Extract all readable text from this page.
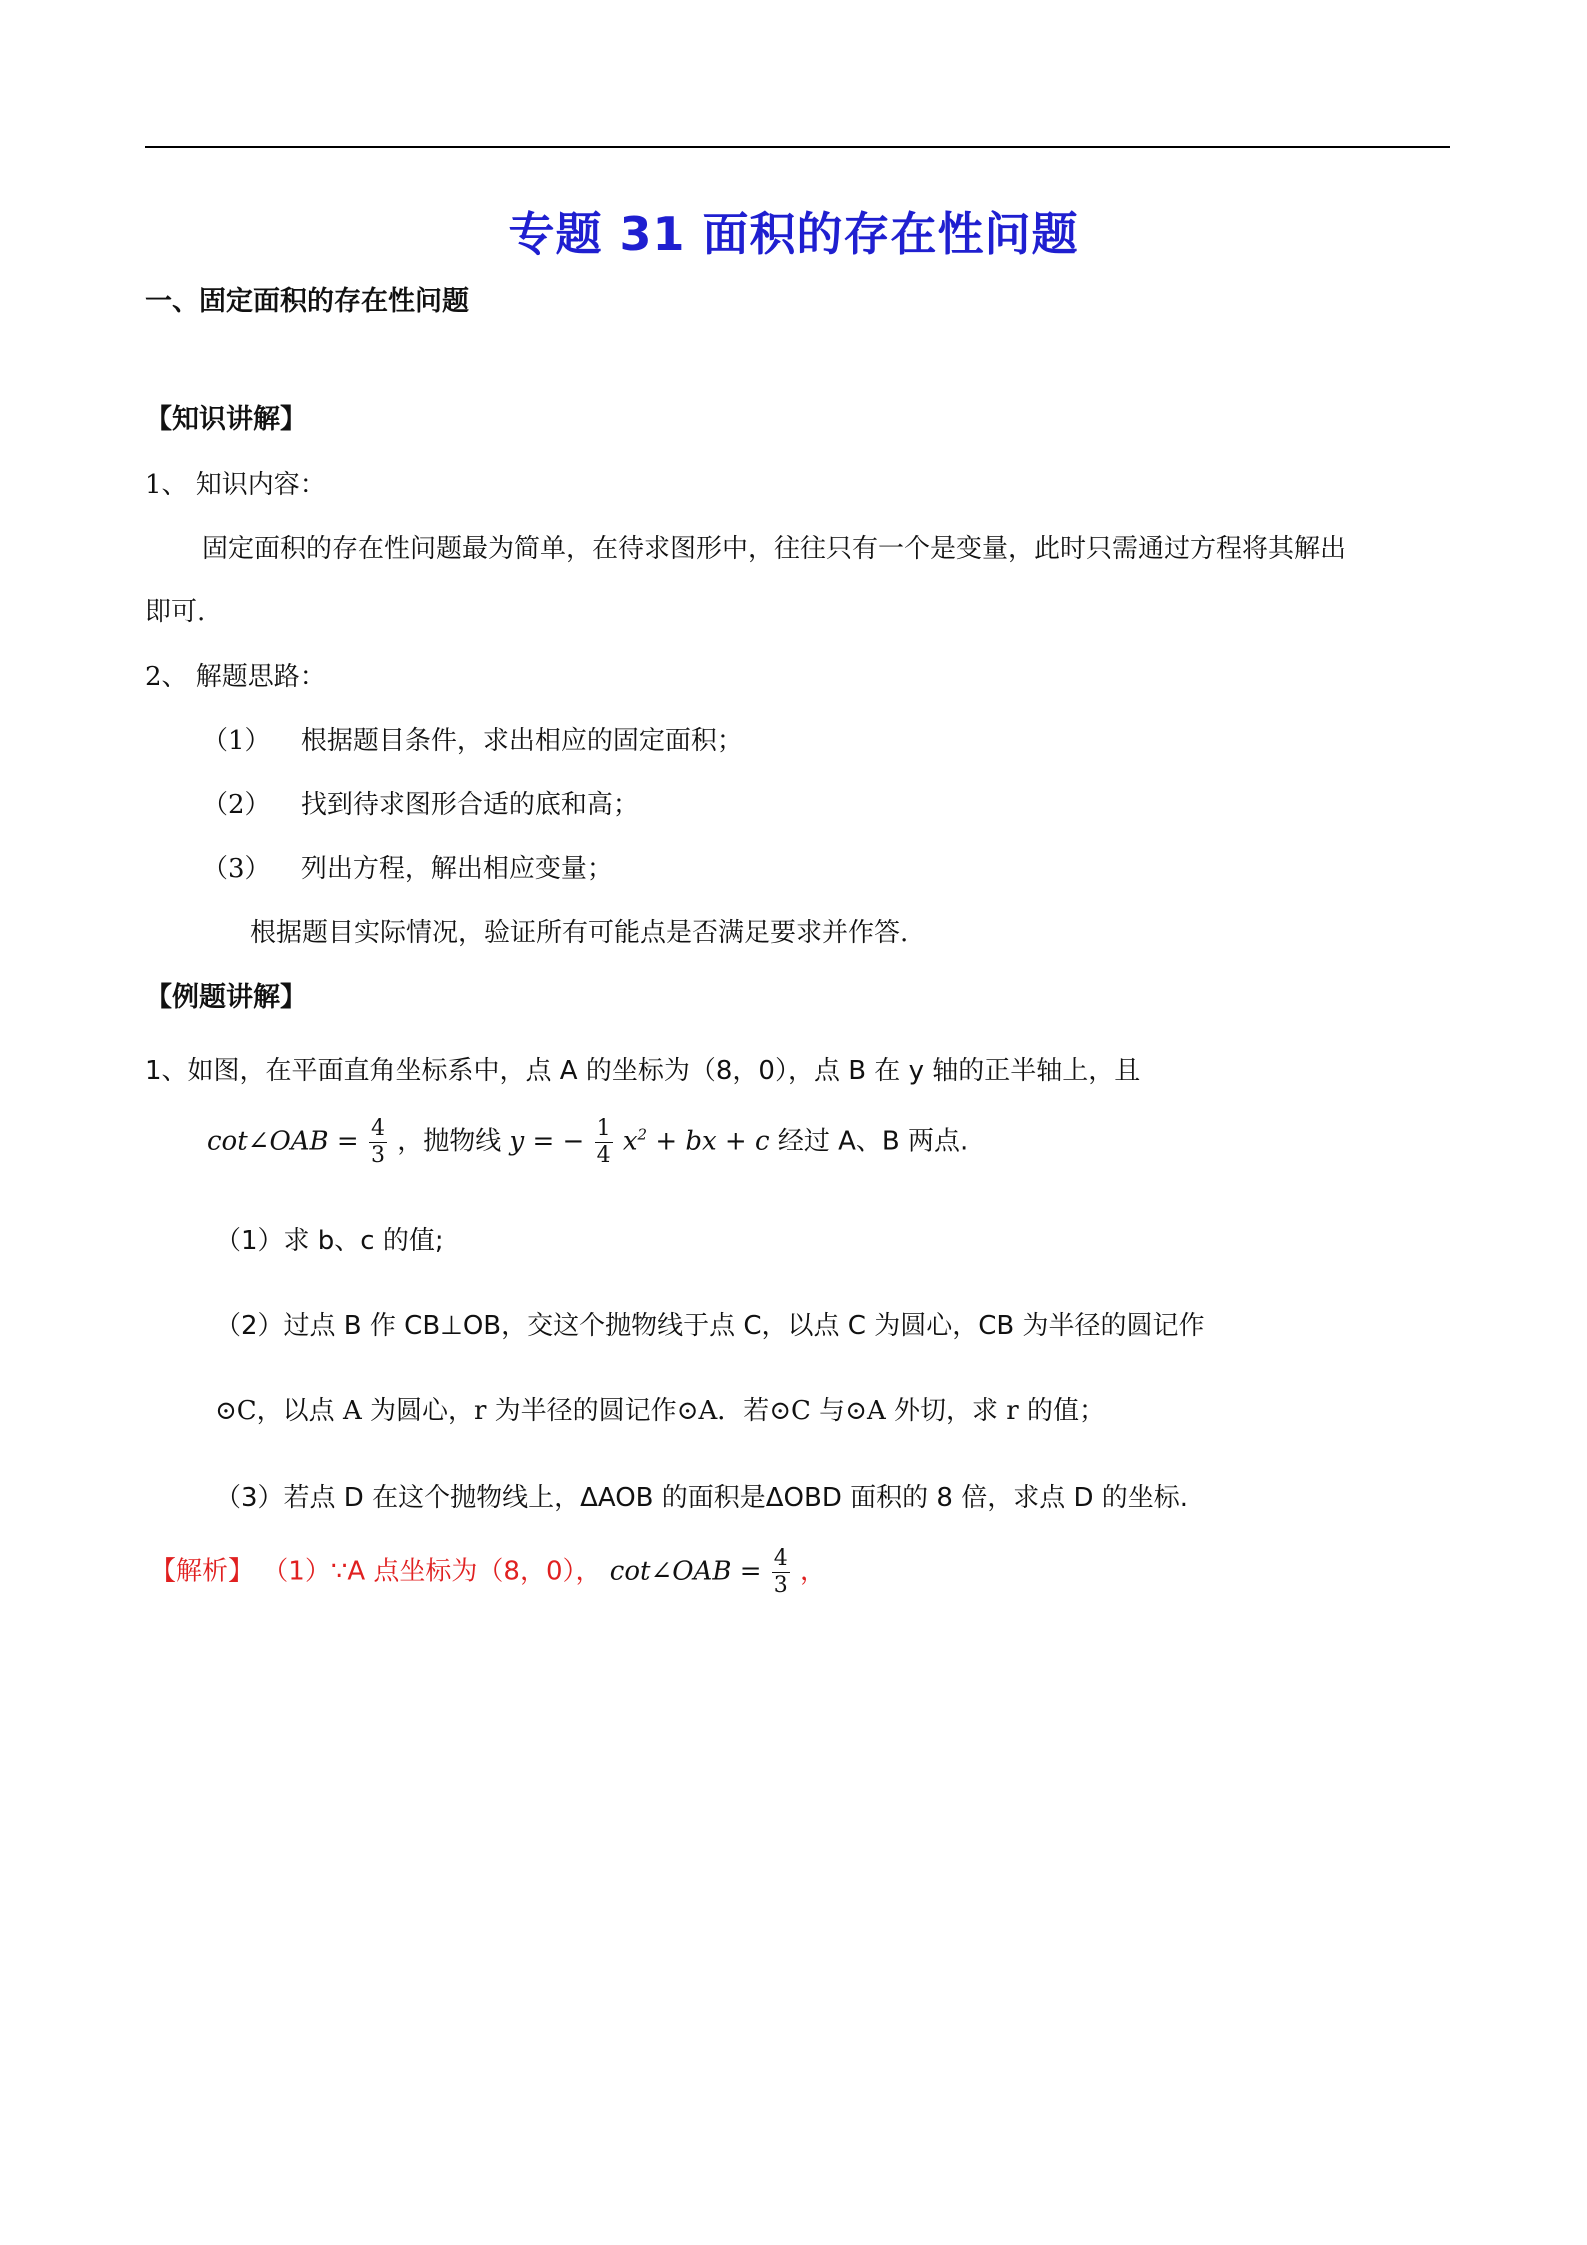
专题 31 面积的存在性问题
一、固定面积的存在性问题
【知识讲解】
1、 知识内容：
固定面积的存在性问题最为简单，在待求图形中，往往只有一个是变量，此时只需通过方程将其解出
即可.
2、 解题思路：
（1） 根据题目条件，求出相应的固定面积；
（2） 找到待求图形合适的底和高；
（3） 列出方程，解出相应变量；
根据题目实际情况，验证所有可能点是否满足要求并作答.
【例题讲解】
1、如图，在平面直角坐标系中，点 A 的坐标为（8，0），点 B 在 y 轴的正半轴上，且
cot∠OAB = $\frac{4}{3}$ ，抛物线 y = − $\frac{1}{4} x^2$ + bx + c 经过 A、B 两点.
（1）求 b、c 的值;
（2）过点 B 作 CB⊥OB，交这个抛物线于点 C，以点 C 为圆心，CB 为半径的圆记作
⊙C，以点 A 为圆心，r 为半径的圆记作⊙A．若⊙C 与⊙A 外切，求 r 的值；
（3）若点 D 在这个抛物线上，ΔAOB 的面积是ΔOBD 面积的 8 倍，求点 D 的坐标.
【解析】 （1）∵A 点坐标为（8，0）， cot∠OAB = $\frac{4}{3}$ ，
